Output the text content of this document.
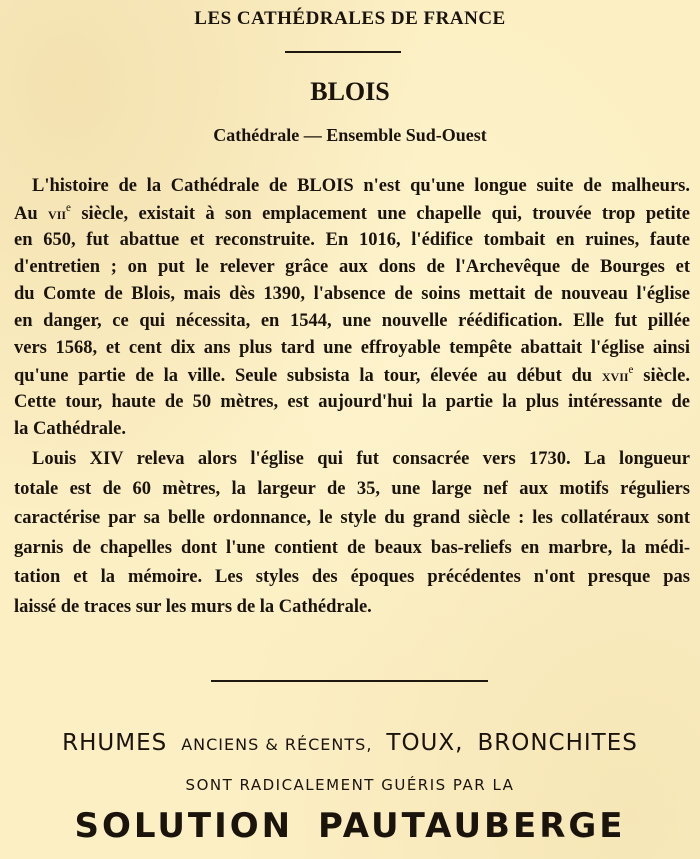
LES CATHÉDRALES DE FRANCE
BLOIS
Cathédrale — Ensemble Sud-Ouest
L'histoire de la Cathédrale de BLOIS n'est qu'une longue suite de malheurs.
Au vii$^e$ siècle, existait à son emplacement une chapelle qui, trouvée trop petite
en 650, fut abattue et reconstruite. En 1016, l'édifice tombait en ruines, faute
d'entretien ; on put le relever grâce aux dons de l'Archevêque de Bourges et
du Comte de Blois, mais dès 1390, l'absence de soins mettait de nouveau l'église
en danger, ce qui nécessita, en 1544, une nouvelle réédification. Elle fut pillée
vers 1568, et cent dix ans plus tard une effroyable tempête abattait l'église ainsi
qu'une partie de la ville. Seule subsista la tour, élevée au début du xvii$^e$ siècle.
Cette tour, haute de 50 mètres, est aujourd'hui la partie la plus intéressante de
la Cathédrale.
Louis XIV releva alors l'église qui fut consacrée vers 1730. La longueur
totale est de 60 mètres, la largeur de 35, une large nef aux motifs réguliers
caractérise par sa belle ordonnance, le style du grand siècle : les collatéraux sont
garnis de chapelles dont l'une contient de beaux bas-reliefs en marbre, la médi-
tation et la mémoire. Les styles des époques précédentes n'ont presque pas
laissé de traces sur les murs de la Cathédrale.
RHUMES ANCIENS & RÉCENTS, TOUX, BRONCHITES
SONT RADICALEMENT GUÉRIS PAR LA
SOLUTION PAUTAUBERGE
